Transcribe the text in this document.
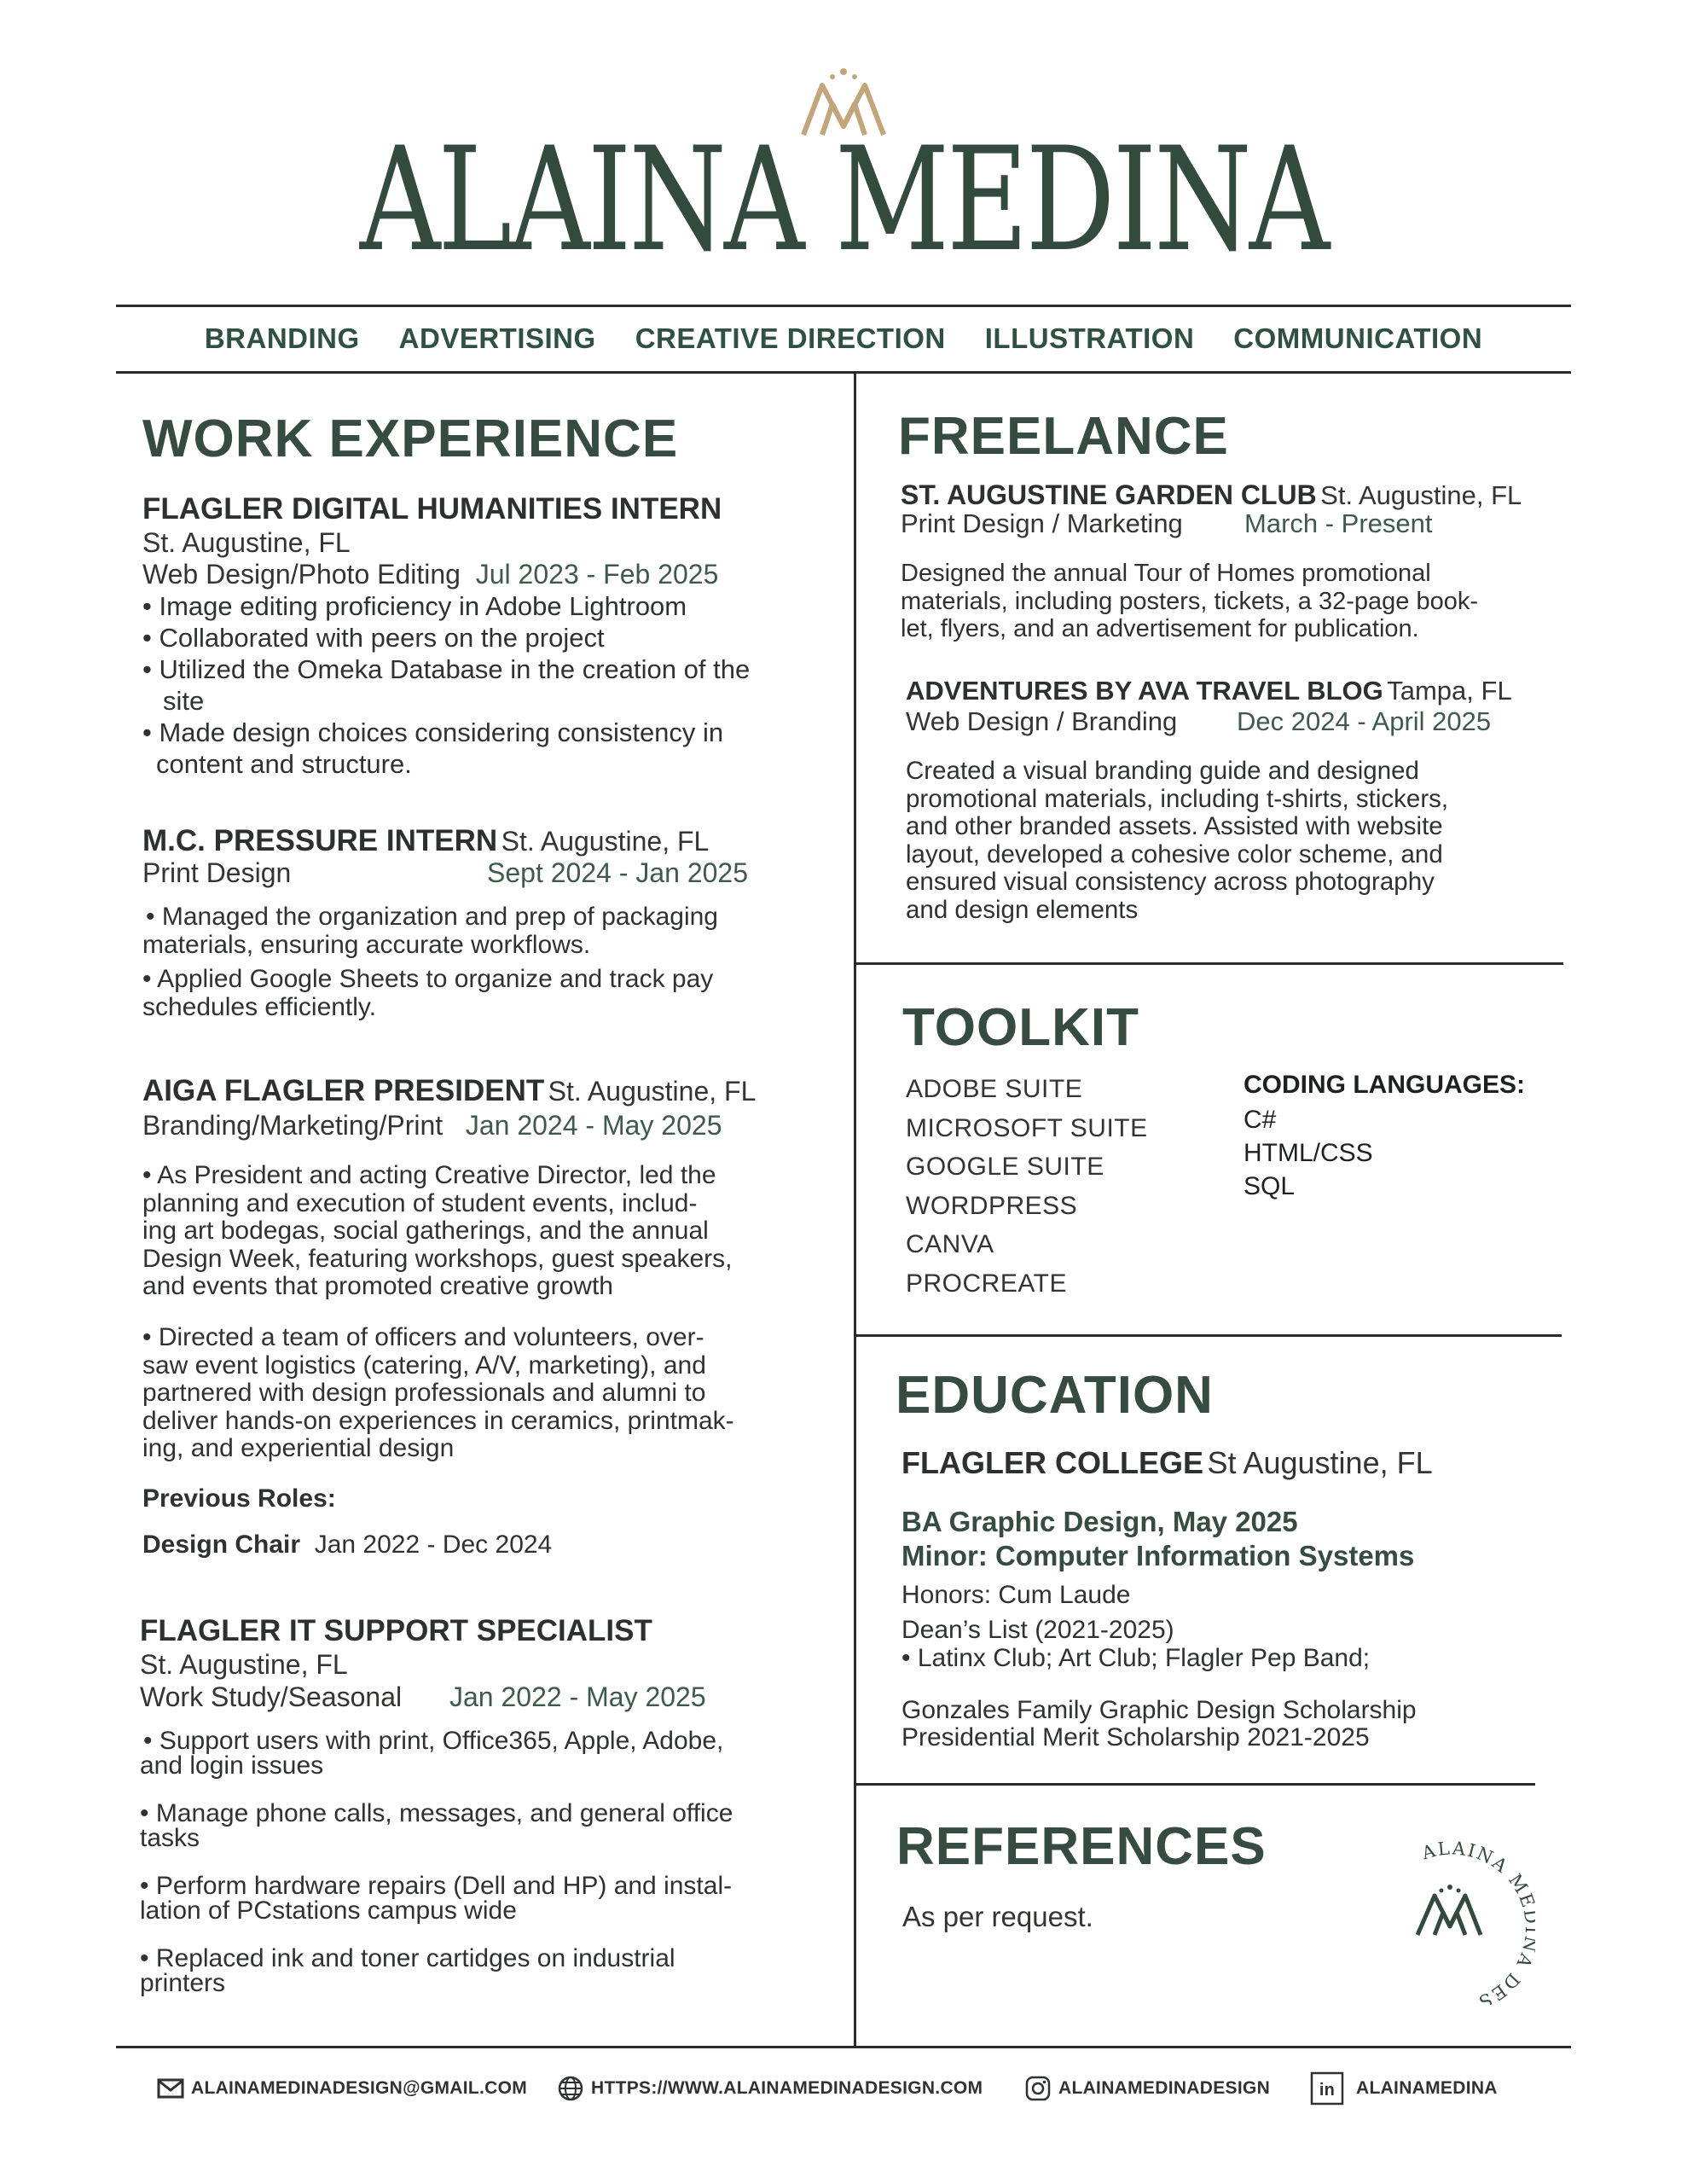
ALAINA MEDINA
BRANDING ADVERTISING CREATIVE DIRECTION ILLUSTRATION COMMUNICATION
WORK EXPERIENCE
FLAGLER DIGITAL HUMANITIES INTERN
St. Augustine, FL
Web Design/Photo Editing Jul 2023 - Feb 2025
• Image editing proficiency in Adobe Lightroom
• Collaborated with peers on the project
• Utilized the Omeka Database in the creation of the
site
• Made design choices considering consistency in
content and structure.
M.C. PRESSURE INTERN St. Augustine, FL
Print Design	Sept 2024 - Jan 2025
• Managed the organization and prep of packaging
materials, ensuring accurate workflows.
• Applied Google Sheets to organize and track pay
schedules efficiently.
AIGA FLAGLER PRESIDENT St. Augustine, FL
Branding/Marketing/Print Jan 2024 - May 2025
• As President and acting Creative Director, led the
planning and execution of student events, includ-
ing art bodegas, social gatherings, and the annual
Design Week, featuring workshops, guest speakers,
and events that promoted creative growth
• Directed a team of officers and volunteers, over-
saw event logistics (catering, A/V, marketing), and
partnered with design professionals and alumni to
deliver hands-on experiences in ceramics, printmak-
ing, and experiential design
Previous Roles:
Design Chair Jan 2022 - Dec 2024
FLAGLER IT SUPPORT SPECIALIST
St. Augustine, FL
Work Study/Seasonal Jan 2022 - May 2025
• Support users with print, Office365, Apple, Adobe,
and login issues
• Manage phone calls, messages, and general office
tasks
• Perform hardware repairs (Dell and HP) and instal-
lation of PCstations campus wide
• Replaced ink and toner cartidges on industrial
printers
FREELANCE
ST. AUGUSTINE GARDEN CLUB St. Augustine, FL
Print Design / Marketing March - Present
Designed the annual Tour of Homes promotional
materials, including posters, tickets, a 32-page book-
let, flyers, and an advertisement for publication.
ADVENTURES BY AVA TRAVEL BLOG Tampa, FL
Web Design / Branding Dec 2024 - April 2025
Created a visual branding guide and designed
promotional materials, including t-shirts, stickers,
and other branded assets. Assisted with website
layout, developed a cohesive color scheme, and
ensured visual consistency across photography
and design elements
TOOLKIT
ADOBE SUITE
MICROSOFT SUITE
GOOGLE SUITE
WORDPRESS
CANVA
PROCREATE
CODING LANGUAGES:
C#
HTML/CSS
SQL
EDUCATION
FLAGLER COLLEGE St Augustine, FL
BA Graphic Design, May 2025
Minor: Computer Information Systems
Honors: Cum Laude
Dean’s List (2021-2025)
• Latinx Club; Art Club; Flagler Pep Band;
Gonzales Family Graphic Design Scholarship
Presidential Merit Scholarship 2021-2025
REFERENCES
As per request.
ALAINA M A DES
ALAINAMEDINADESIGN@GMAIL.COM	HTTPS://WWW.ALAINAMEDINADESIGN.COM	ALAINAMEDINADESIGN	in ALAINAMEDINA
